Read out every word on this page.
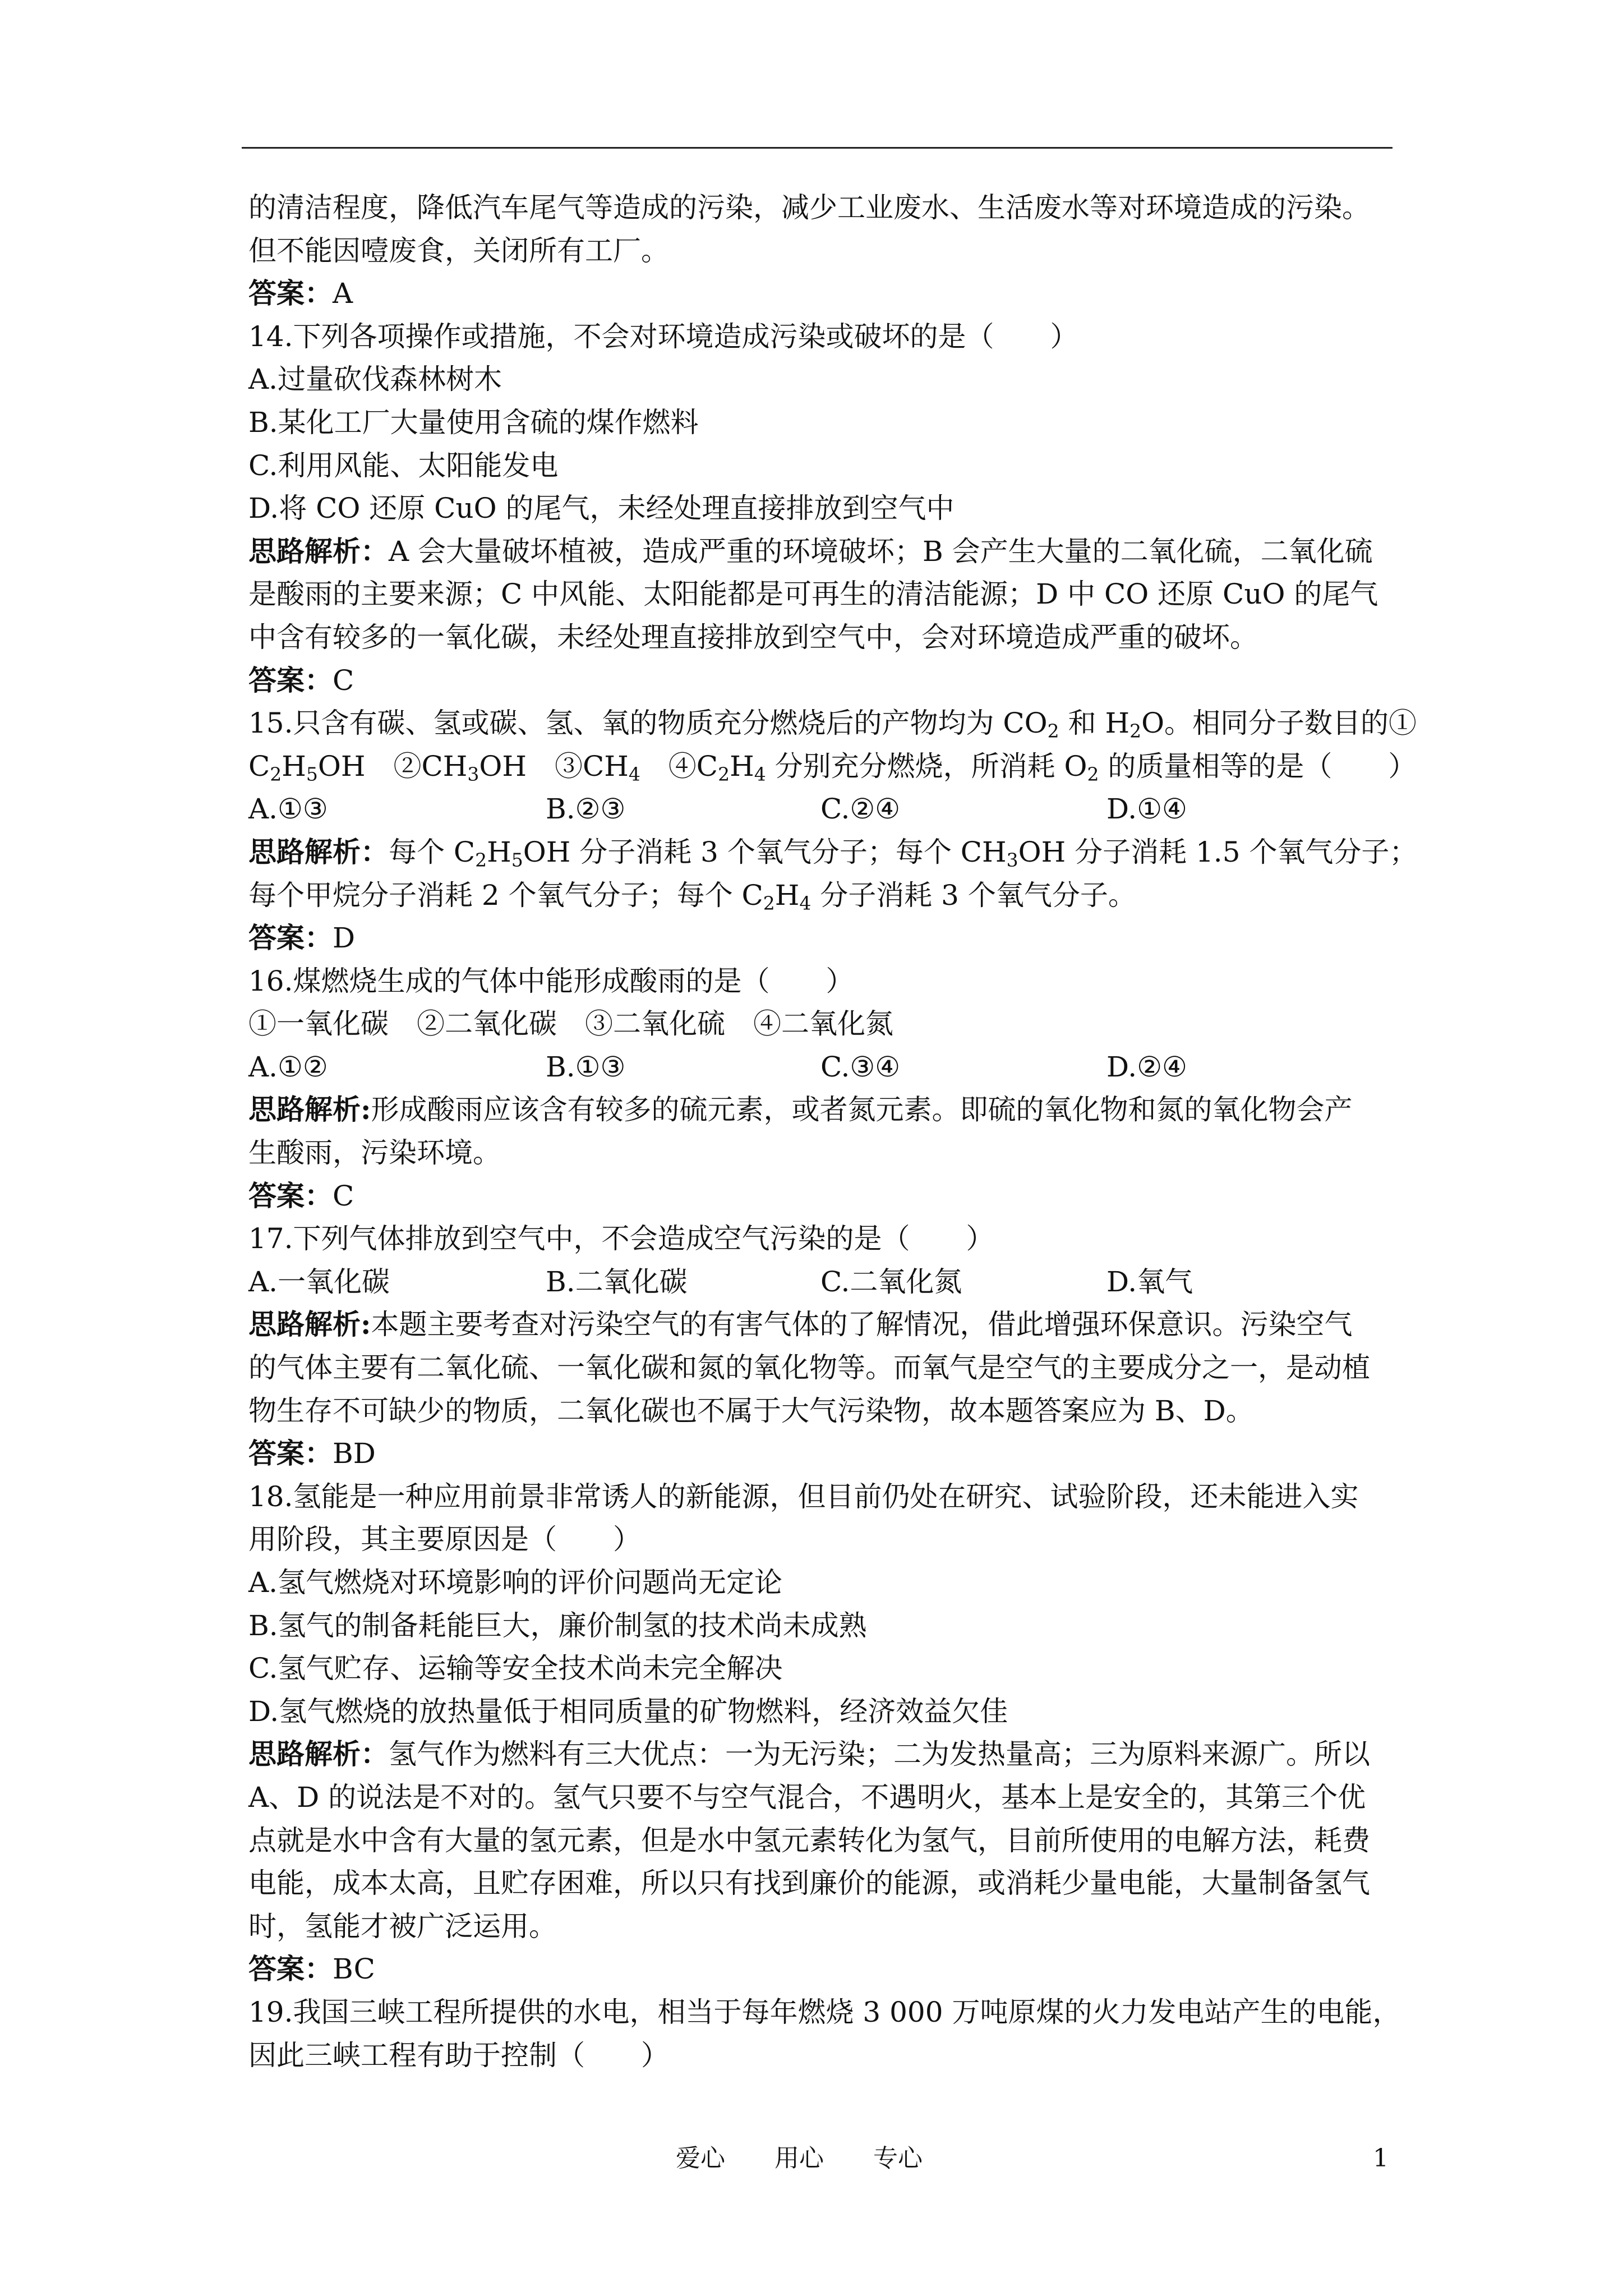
的清洁程度，降低汽车尾气等造成的污染，减少工业废水、生活废水等对环境造成的污染。
但不能因噎废食，关闭所有工厂。
答案：A
14.下列各项操作或措施，不会对环境造成污染或破坏的是（　　）
A.过量砍伐森林树木
B.某化工厂大量使用含硫的煤作燃料
C.利用风能、太阳能发电
D.将 CO 还原 CuO 的尾气，未经处理直接排放到空气中
思路解析：A 会大量破坏植被，造成严重的环境破坏；B 会产生大量的二氧化硫，二氧化硫
是酸雨的主要来源；C 中风能、太阳能都是可再生的清洁能源；D 中 CO 还原 CuO 的尾气
中含有较多的一氧化碳，未经处理直接排放到空气中，会对环境造成严重的破坏。
答案：C
15.只含有碳、氢或碳、氢、氧的物质充分燃烧后的产物均为 $CO_2$ 和 $H_2O$。相同分子数目的①
$C_2H_5OH$　$②CH_3OH$　$③CH_4$　$④C_2H_4$ 分别充分燃烧，所消耗 $O_2$ 的质量相等的是（　　）
A.①③	B.②③	C.②④	D.①④
思路解析：每个 $C_2H_5OH$ 分子消耗 3 个氧气分子；每个 $CH_3OH$ 分子消耗 1.5 个氧气分子；
每个甲烷分子消耗 2 个氧气分子；每个 $C_2H_4$ 分子消耗 3 个氧气分子。
答案：D
16.煤燃烧生成的气体中能形成酸雨的是（　　）
①一氧化碳　②二氧化碳　③二氧化硫　④二氧化氮
A.①②	B.①③	C.③④	D.②④
思路解析:形成酸雨应该含有较多的硫元素，或者氮元素。即硫的氧化物和氮的氧化物会产
生酸雨，污染环境。
答案：C
17.下列气体排放到空气中，不会造成空气污染的是（　　）
A.一氧化碳	B.二氧化碳	C.二氧化氮	D.氧气
思路解析:本题主要考查对污染空气的有害气体的了解情况，借此增强环保意识。污染空气
的气体主要有二氧化硫、一氧化碳和氮的氧化物等。而氧气是空气的主要成分之一，是动植
物生存不可缺少的物质，二氧化碳也不属于大气污染物，故本题答案应为 B、D。
答案：BD
18.氢能是一种应用前景非常诱人的新能源，但目前仍处在研究、试验阶段，还未能进入实
用阶段，其主要原因是（　　）
A.氢气燃烧对环境影响的评价问题尚无定论
B.氢气的制备耗能巨大，廉价制氢的技术尚未成熟
C.氢气贮存、运输等安全技术尚未完全解决
D.氢气燃烧的放热量低于相同质量的矿物燃料，经济效益欠佳
思路解析：氢气作为燃料有三大优点：一为无污染；二为发热量高；三为原料来源广。所以
A、D 的说法是不对的。氢气只要不与空气混合，不遇明火，基本上是安全的，其第三个优
点就是水中含有大量的氢元素，但是水中氢元素转化为氢气，目前所使用的电解方法，耗费
电能，成本太高，且贮存困难，所以只有找到廉价的能源，或消耗少量电能，大量制备氢气
时，氢能才被广泛运用。
答案：BC
19.我国三峡工程所提供的水电，相当于每年燃烧 3 000 万吨原煤的火力发电站产生的电能，
因此三峡工程有助于控制（　　）
爱心　　用心　　专心	1
